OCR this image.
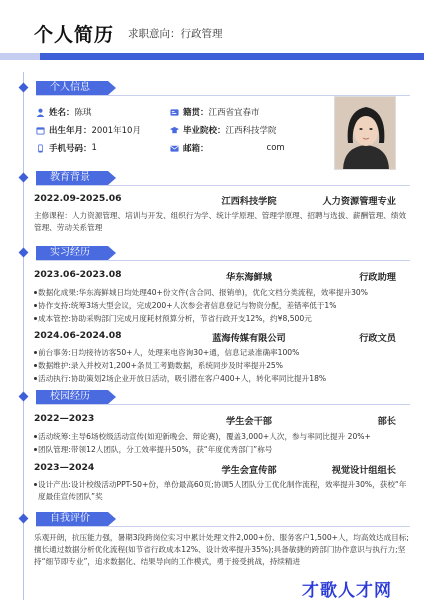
个人简历 求职意向：行政管理
个人信息
姓名： 陈琪	籍贯： 江西省宜春市
出生年月： 2001年10月	毕业院校： 江西科技学院
手机号码： 1	邮箱：	com
教育背景
2022.09-2025.06	江西科技学院	人力资源管理专业
主修课程：人力资源管理、培训与开发、组织行为学、统计学原理、管理学原理、招聘与选拔、薪酬管理、绩效管理、劳动关系管理
实习经历
2023.06-2023.08	华东海鲜城	行政助理
数据化成果:华东海鲜城日均处理40+份文件(含合同、报销单)，优化文档分类流程，效率提升30%
协作支持:统筹3场大型会议，完成200+人次参会者信息登记与物资分配，差错率低于1%
成本管控:协助采购部门完成月度耗材预算分析，节省行政开支12%，约¥8,500元
2024.06-2024.08	蓝海传媒有限公司	行政文员
前台事务:日均接待访客50+人，处理来电咨询30+通，信息记录准确率100%
数据维护:录入并校对1,200+条员工考勤数据，系统同步及时率提升25%
活动执行:协助策划2场企业开放日活动，吸引潜在客户400+人，转化率同比提升18%
校园经历
2022—2023	学生会干部	部长
活动统筹:主导6场校级活动宣传(如迎新晚会、辩论赛)，覆盖3,000+人次，参与率同比提升 20%+
团队管理:带领12人团队，分工效率提升50%，获“年度优秀部门”称号
2023—2024	学生会宣传部	视觉设计组组长
设计产出:设计校级活动PPT-50+份，单份最高60页;协调5人团队分工优化制作流程，效率提升30%，获校“年度最佳宣传团队”奖
自我评价
乐观开朗，抗压能力强，暑期3段跨岗位实习中累计处理文件2,000+份、服务客户1,500+人，均高效达成目标;擅长通过数据分析优化流程(如节省行政成本12%、设计效率提升35%);具备敏捷的跨部门协作意识与执行力;坚持“细节即专业”，追求数据化、结果导向的工作模式，勇于接受挑战，持续精进
才歌人才网
